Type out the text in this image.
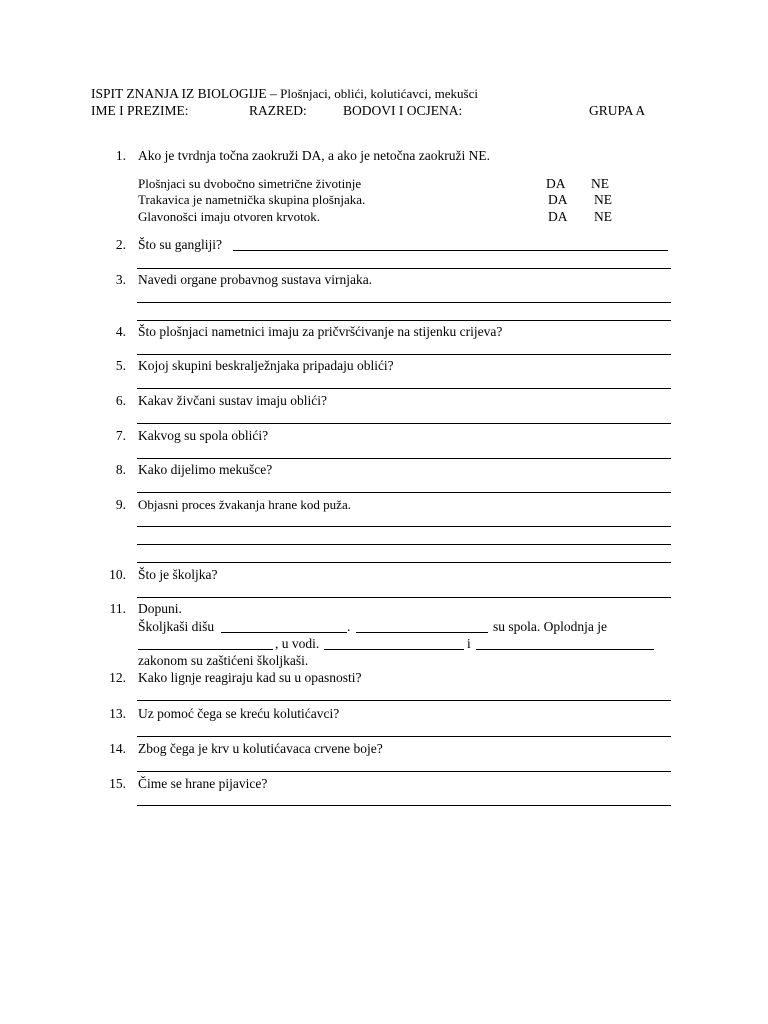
ISPIT ZNANJA IZ BIOLOGIJE – Plošnjaci, oblići, kolutićavci, mekušci
IME I PREZIME:	RAZRED:	BODOVI I OCJENA:	GRUPA A
1. Ako je tvrdnja točna zaokruži DA, a ako je netočna zaokruži NE.
Plošnjaci su dvobočno simetrične životinje	DA NE
Trakavica je nametnička skupina plošnjaka.	DA NE
Glavonošci imaju otvoren krvotok.	DA NE
2. Što su gangliji?
3. Navedi organe probavnog sustava virnjaka.
4. Što plošnjaci nametnici imaju za pričvršćivanje na stijenku crijeva?
5. Kojoj skupini beskralježnjaka pripadaju oblići?
6. Kakav živčani sustav imaju oblići?
7. Kakvog su spola oblići?
8. Kako dijelimo mekušce?
9. Objasni proces žvakanja hrane kod puža.
10. Što je školjka?
11. Dopuni.
Školjkaši dišu	.	su spola. Oplodnja je
, u vodi.	i
zakonom su zaštićeni školjkaši.
12. Kako lignje reagiraju kad su u opasnosti?
13. Uz pomoć čega se kreću kolutićavci?
14. Zbog čega je krv u kolutićavaca crvene boje?
15. Čime se hrane pijavice?
